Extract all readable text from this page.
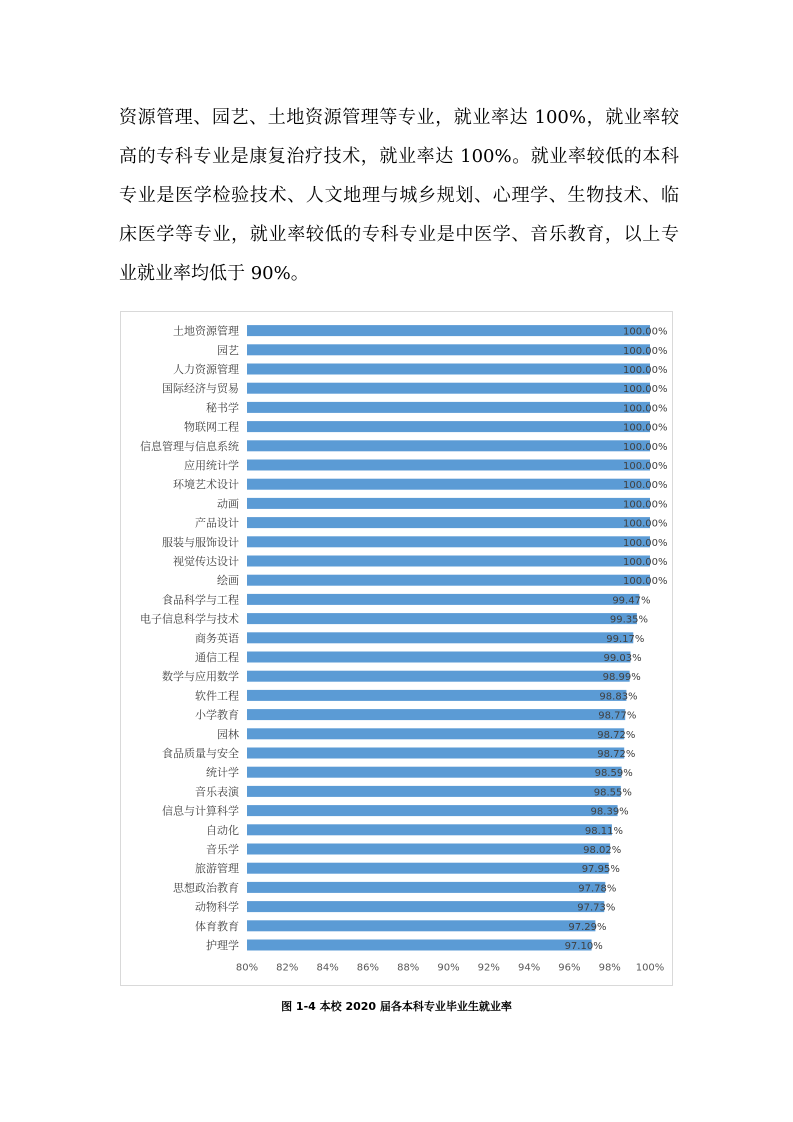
资源管理、园艺、土地资源管理等专业，就业率达 100%，就业率较
高的专科专业是康复治疗技术，就业率达 100%。就业率较低的本科
专业是医学检验技术、人文地理与城乡规划、心理学、生物技术、临
床医学等专业，就业率较低的专科专业是中医学、音乐教育，以上专
业就业率均低于 90%。
土地资源管理	100.00%
园艺	100.00%
人力资源管理	100.00%
国际经济与贸易	100.00%
秘书学	100.00%
物联网工程	100.00%
信息管理与信息系统	100.00%
应用统计学	100.00%
环境艺术设计	100.00%
动画	100.00%
产品设计	100.00%
服装与服饰设计	100.00%
视觉传达设计	100.00%
绘画	100.00%
食品科学与工程	99.47%
电子信息科学与技术	99.35%
商务英语	99.17%
通信工程	99.03%
数学与应用数学	98.99%
软件工程	98.83%
小学教育	98.77%
园林	98.72%
食品质量与安全	98.72%
统计学	98.59%
音乐表演	98.55%
信息与计算科学	98.39%
自动化	98.11%
音乐学	98.02%
旅游管理	97.95%
思想政治教育	97.78%
动物科学	97.73%
体育教育	97.29%
护理学	97.10%
80% 82% 84% 86% 88% 90% 92% 94% 96% 98% 100%
图 1-4 本校 2020 届各本科专业毕业生就业率
